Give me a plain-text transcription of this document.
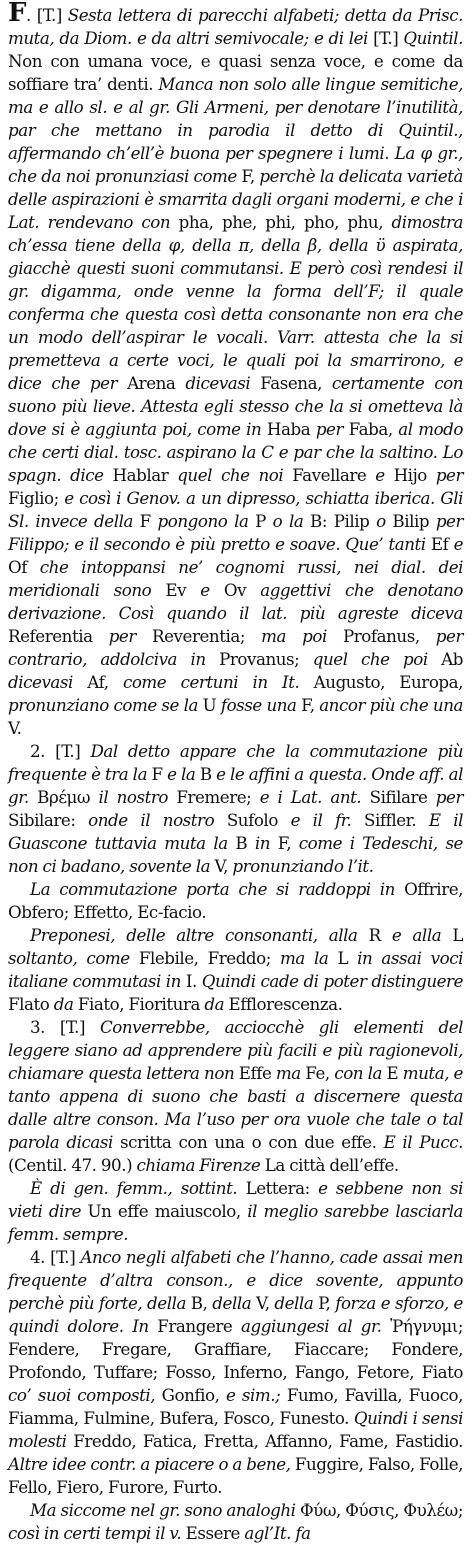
F. [T.] Sesta lettera di parecchi alfabeti; detta da Prisc. muta, da Diom. e da altri semivocale; e di lei [T.] Quintil. Non con umana voce, e quasi senza voce, e come da soffiare tra’ denti. Manca non solo alle lingue semitiche, ma e allo sl. e al gr. Gli Armeni, per denotare l’inutilità, par che mettano in parodia il detto di Quintil., affermando ch’ell’è buona per spegnere i lumi. La φ gr., che da noi pronunziasi come F, perchè la delicata varietà delle aspirazioni è smarrita dagli organi moderni, e che i Lat. rendevano con pha, phe, phi, pho, phu, dimostra ch’essa tiene della φ, della π, della β, della ϋ aspirata, giacchè questi suoni commutansi. E però così rendesi il gr. digamma, onde venne la forma dell’F; il quale conferma che questa così detta consonante non era che un modo dell’aspirar le vocali. Varr. attesta che la si premetteva a certe voci, le quali poi la smarrirono, e dice che per Arena dicevasi Fasena, certamente con suono più lieve. Attesta egli stesso che la si ometteva là dove si è aggiunta poi, come in Haba per Faba, al modo che certi dial. tosc. aspirano la C e par che la saltino. Lo spagn. dice Hablar quel che noi Favellare e Hijo per Figlio; e così i Genov. a un dipresso, schiatta iberica. Gli Sl. invece della F pongono la P o la B: Pilip o Bilip per Filippo; e il secondo è più pretto e soave. Que’ tanti Ef e Of che intoppansi ne’ cognomi russi, nei dial. dei meridionali sono Ev e Ov aggettivi che denotano derivazione. Così quando il lat. più agreste diceva Referentia per Reverentia; ma poi Profanus, per contrario, addolciva in Provanus; quel che poi Ab dicevasi Af, come certuni in It. Augusto, Europa, pronunziano come se la U fosse una F, ancor più che una V.

2. [T.] Dal detto appare che la commutazione più frequente è tra la F e la B e le affini a questa. Onde aff. al gr. Βρέμω il nostro Fremere; e i Lat. ant. Sifilare per Sibilare: onde il nostro Sufolo e il fr. Siffler. E il Guascone tuttavia muta la B in F, come i Tedeschi, se non ci badano, sovente la V, pronunziando l’it.

La commutazione porta che si raddoppi in Offrire, Obfero; Effetto, Ec-facio.

Preponesi, delle altre consonanti, alla R e alla L soltanto, come Flebile, Freddo; ma la L in assai voci italiane commutasi in I. Quindi cade di poter distinguere Flato da Fiato, Fioritura da Efflorescenza.

3. [T.] Converrebbe, acciocchè gli elementi del leggere siano ad apprendere più facili e più ragionevoli, chiamare questa lettera non Effe ma Fe, con la E muta, e tanto appena di suono che basti a discernere questa dalle altre conson. Ma l’uso per ora vuole che tale o tal parola dicasi scritta con una o con due effe. E il Pucc. (Centil. 47. 90.) chiama Firenze La città dell’effe.

È di gen. femm., sottint. Lettera: e sebbene non si vieti dire Un effe maiuscolo, il meglio sarebbe lasciarla femm. sempre.

4. [T.] Anco negli alfabeti che l’hanno, cade assai men frequente d’altra conson., e dice sovente, appunto perchè più forte, della B, della V, della P, forza e sforzo, e quindi dolore. In Frangere aggiungesi al gr. Ῥήγνυμι; Fendere, Fregare, Graffiare, Fiaccare; Fondere, Profondo, Tuffare; Fosso, Inferno, Fango, Fetore, Fiato co’ suoi composti, Gonfio, e sim.; Fumo, Favilla, Fuoco, Fiamma, Fulmine, Bufera, Fosco, Funesto. Quindi i sensi molesti Freddo, Fatica, Fretta, Affanno, Fame, Fastidio. Altre idee contr. a piacere o a bene, Fuggire, Falso, Folle, Fello, Fiero, Furore, Furto.

Ma siccome nel gr. sono analoghi Φύω, Φύσις, Φυλέω; così in certi tempi il v. Essere agl’It. fa
